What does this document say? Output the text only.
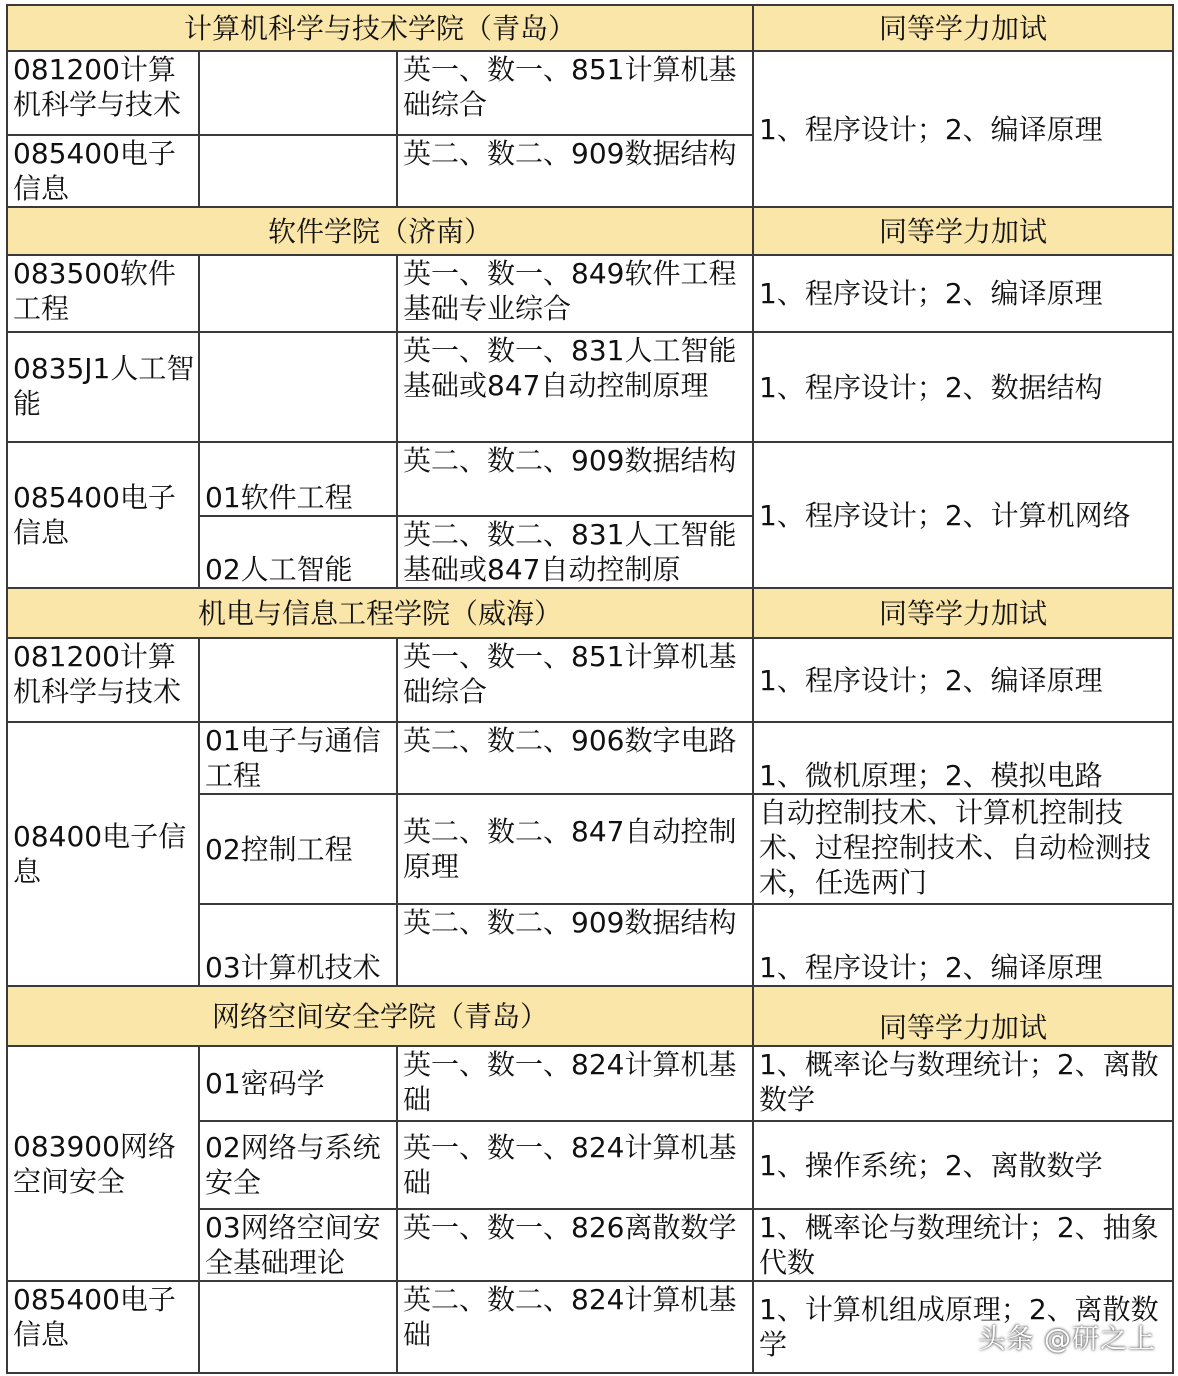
计算机科学与技术学院（青岛）			同等学力加试
081200计算机科学与技术		英一、数一、851计算机基础综合	1、程序设计；2、编译原理
085400电子信息		英二、数二、909数据结构	
软件学院（济南）			同等学力加试
083500软件工程		英一、数一、849软件工程基础专业综合	1、程序设计；2、编译原理
0835J1人工智能		英一、数一、831人工智能基础或847自动控制原理	1、程序设计；2、数据结构
085400电子信息	01软件工程	英二、数二、909数据结构	1、程序设计；2、计算机网络
	02人工智能	英二、数二、831人工智能基础或847自动控制原	
机电与信息工程学院（威海）			同等学力加试
081200计算机科学与技术		英一、数一、851计算机基础综合	1、程序设计；2、编译原理
08400电子信息	01电子与通信工程	英二、数二、906数字电路	1、微机原理；2、模拟电路
	02控制工程	英二、数二、847自动控制原理	自动控制技术、计算机控制技术、过程控制技术、自动检测技术，任选两门
	03计算机技术	英二、数二、909数据结构	1、程序设计；2、编译原理
网络空间安全学院（青岛）			同等学力加试
083900网络空间安全	01密码学	英一、数一、824计算机基础	1、概率论与数理统计；2、离散数学
	02网络与系统安全	英一、数一、824计算机基础	1、操作系统；2、离散数学
	03网络空间安全基础理论	英一、数一、826离散数学	1、概率论与数理统计；2、抽象代数
085400电子信息		英二、数二、824计算机基础	1、计算机组成原理；2、离散数学	头条 @研之上
